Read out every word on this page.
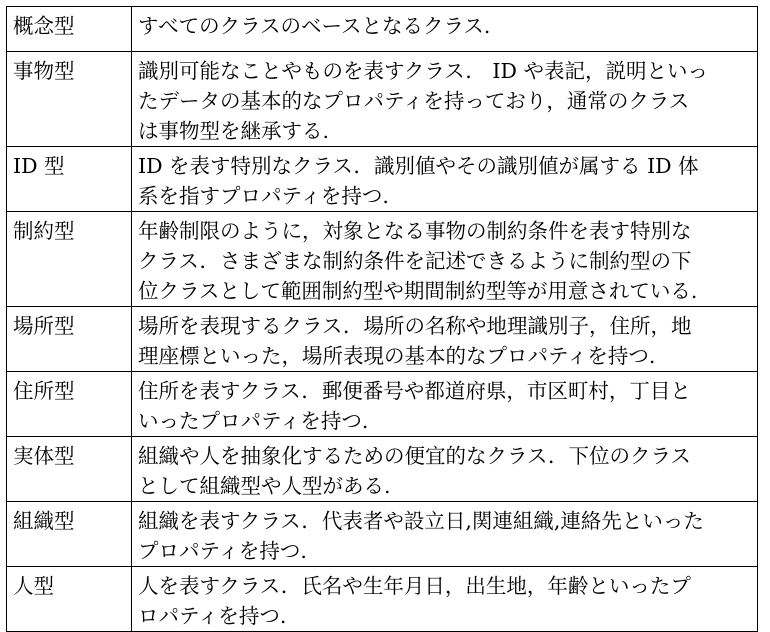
概念型	すべてのクラスのベースとなるクラス.

事物型	識別可能なことやものを表すクラス． ID や表記，説明といっ
たデータの基本的なプロパティを持っており，通常のクラス
は事物型を継承する.

ID 型	ID を表す特別なクラス．識別値やその識別値が属する ID 体
系を指すプロパティを持つ.

制約型	年齢制限のように，対象となる事物の制約条件を表す特別な
クラス．さまざまな制約条件を記述できるように制約型の下
位クラスとして範囲制約型や期間制約型等が用意されている.

場所型	場所を表現するクラス．場所の名称や地理識別子，住所，地
理座標といった，場所表現の基本的なプロパティを持つ.

住所型	住所を表すクラス．郵便番号や都道府県，市区町村，丁目と
いったプロパティを持つ.

実体型	組織や人を抽象化するための便宜的なクラス．下位のクラス
として組織型や人型がある.

組織型	組織を表すクラス．代表者や設立日,関連組織,連絡先といった
プロパティを持つ.

人型	人を表すクラス．氏名や生年月日，出生地，年齢といったプ
ロパティを持つ.
